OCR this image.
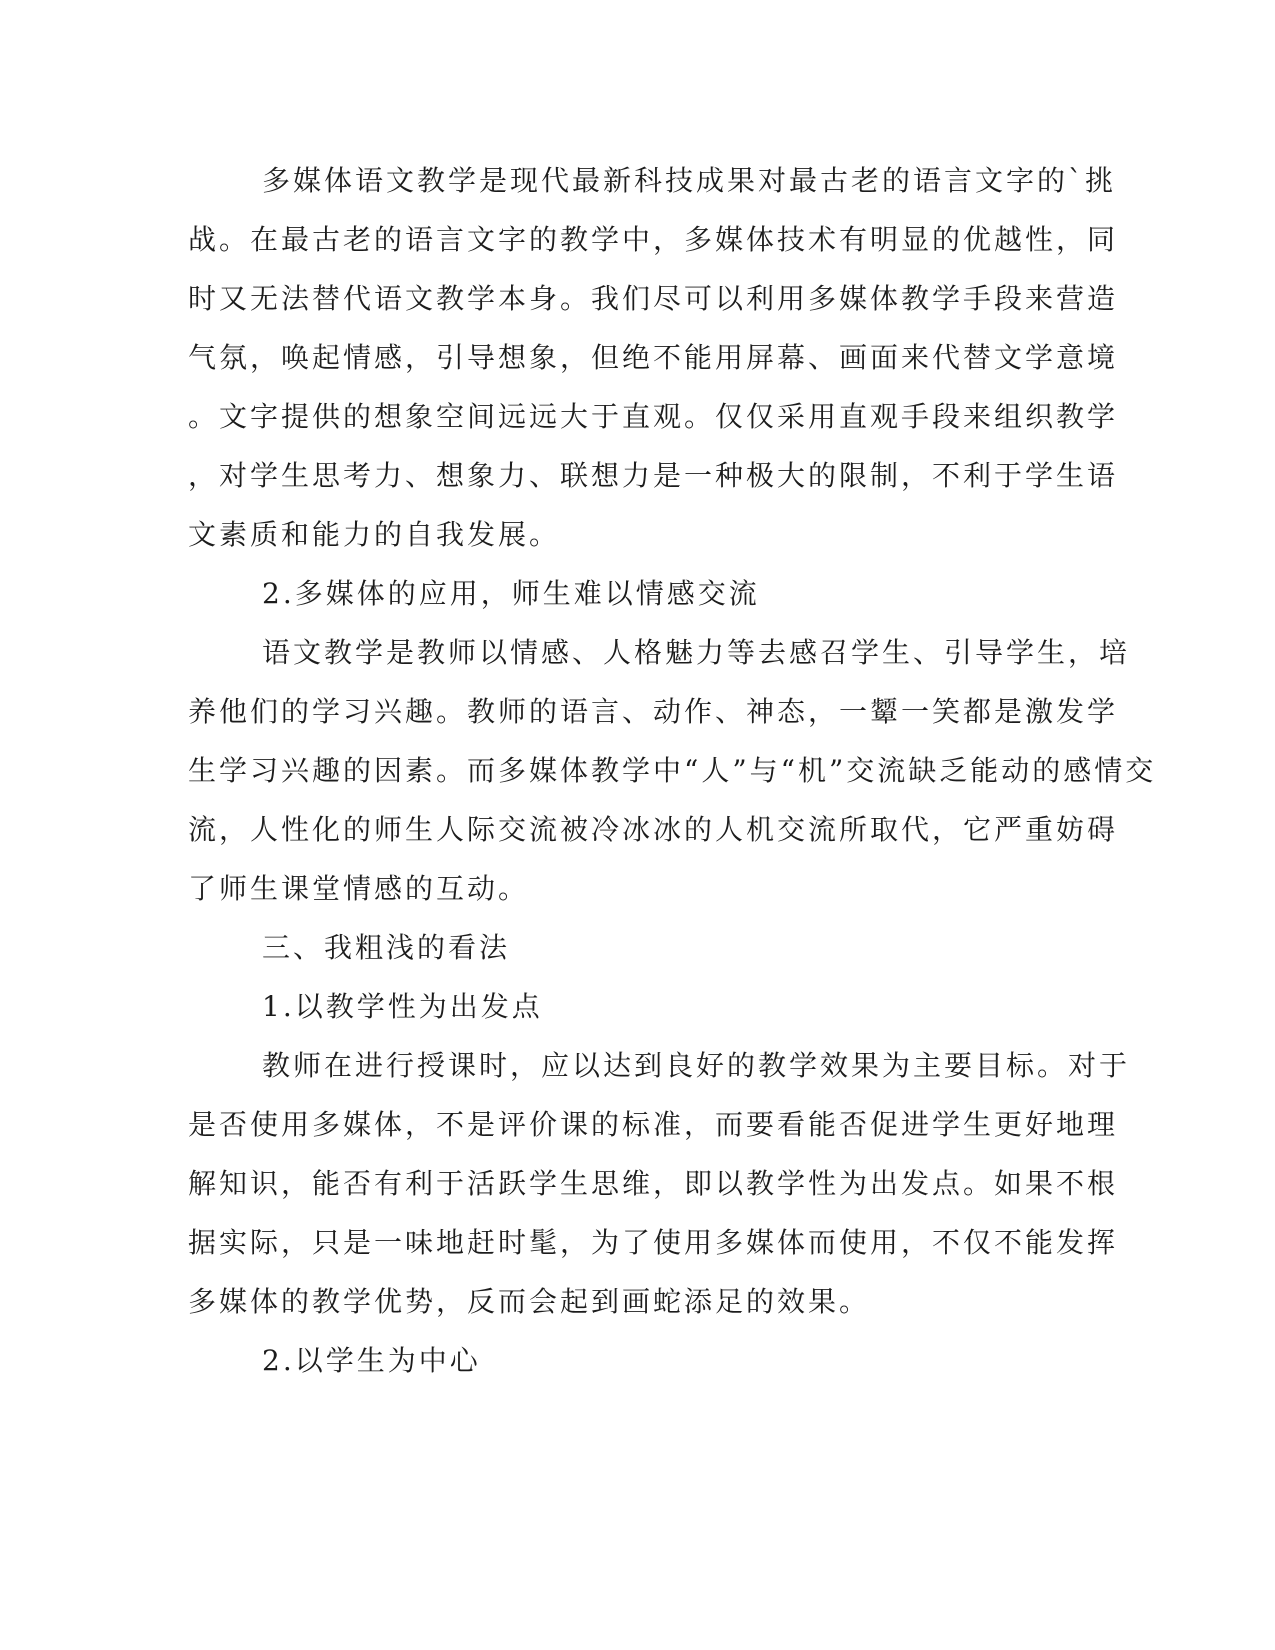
多媒体语文教学是现代最新科技成果对最古老的语言文字的`挑
战。在最古老的语言文字的教学中，多媒体技术有明显的优越性，同
时又无法替代语文教学本身。我们尽可以利用多媒体教学手段来营造
气氛，唤起情感，引导想象，但绝不能用屏幕、画面来代替文学意境
。文字提供的想象空间远远大于直观。仅仅采用直观手段来组织教学
，对学生思考力、想象力、联想力是一种极大的限制，不利于学生语
文素质和能力的自我发展。
2.多媒体的应用，师生难以情感交流
语文教学是教师以情感、人格魅力等去感召学生、引导学生，培
养他们的学习兴趣。教师的语言、动作、神态，一颦一笑都是激发学
生学习兴趣的因素。而多媒体教学中“人”与“机”交流缺乏能动的感情交
流，人性化的师生人际交流被冷冰冰的人机交流所取代，它严重妨碍
了师生课堂情感的互动。
三、我粗浅的看法
1.以教学性为出发点
教师在进行授课时，应以达到良好的教学效果为主要目标。对于
是否使用多媒体，不是评价课的标准，而要看能否促进学生更好地理
解知识，能否有利于活跃学生思维，即以教学性为出发点。如果不根
据实际，只是一味地赶时髦，为了使用多媒体而使用，不仅不能发挥
多媒体的教学优势，反而会起到画蛇添足的效果。
2.以学生为中心
